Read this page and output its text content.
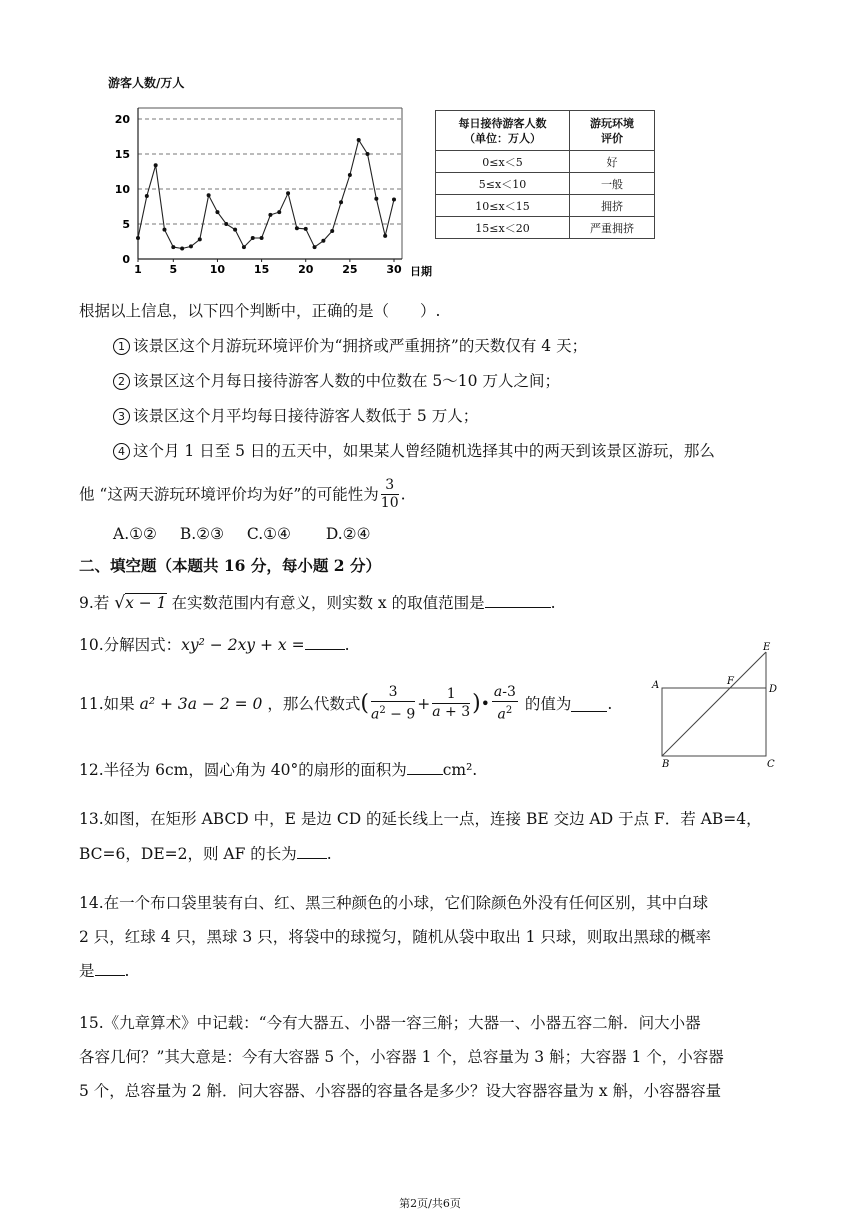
游客人数/万人
0
5
10
15
20
1	5	10	15	20	25	30 日期
每日接待游客人数
（单位：万人）	游玩环境
评价
0≤x＜5	好
5≤x＜10	一般
10≤x＜15	拥挤
15≤x＜20	严重拥挤
根据以上信息，以下四个判断中，正确的是（　　）.
1 该景区这个月游玩环境评价为“拥挤或严重拥挤”的天数仅有 4 天；
2 该景区这个月每日接待游客人数的中位数在 5～10 万人之间；
3 该景区这个月平均每日接待游客人数低于 5 万人；
4 这个月 1 日至 5 日的五天中，如果某人曾经随机选择其中的两天到该景区游玩，那么
他 “这两天游玩环境评价均为好”的可能性为 $\frac{3}{10}$ .
A.①② B.②③ C.①④ D.②④
二、填空题（本题共 16 分，每小题 2 分）
9.若 √x − 1 在实数范围内有意义，则实数 x 的取值范围是	.
10.分解因式：xy² − 2xy + x =	.
11.如果 a² + 3a − 2 = 0 ，那么代数式( $\frac{3}{a^2 - 9} + \frac{1}{a + 3}$ )• $\frac{a-3}{a^2}$ 的值为 .
12.半径为 6cm，圆心角为 40°的扇形的面积为 cm².
13.如图，在矩形 ABCD 中，E 是边 CD 的延长线上一点，连接 BE 交边 AD 于点 F．若 AB=4，
BC=6，DE=2，则 AF 的长为 .
E
A	F
D
B	C
14.在一个布口袋里装有白、红、黑三种颜色的小球，它们除颜色外没有任何区别，其中白球
2 只，红球 4 只，黑球 3 只，将袋中的球搅匀，随机从袋中取出 1 只球，则取出黑球的概率
是 .
15.《九章算术》中记载：“今有大器五、小器一容三斛；大器一、小器五容二斛．问大小器
各容几何？”其大意是：今有大容器 5 个，小容器 1 个，总容量为 3 斛；大容器 1 个，小容器
5 个，总容量为 2 斛．问大容器、小容器的容量各是多少？设大容器容量为 x 斛，小容器容量
第2页/共6页
